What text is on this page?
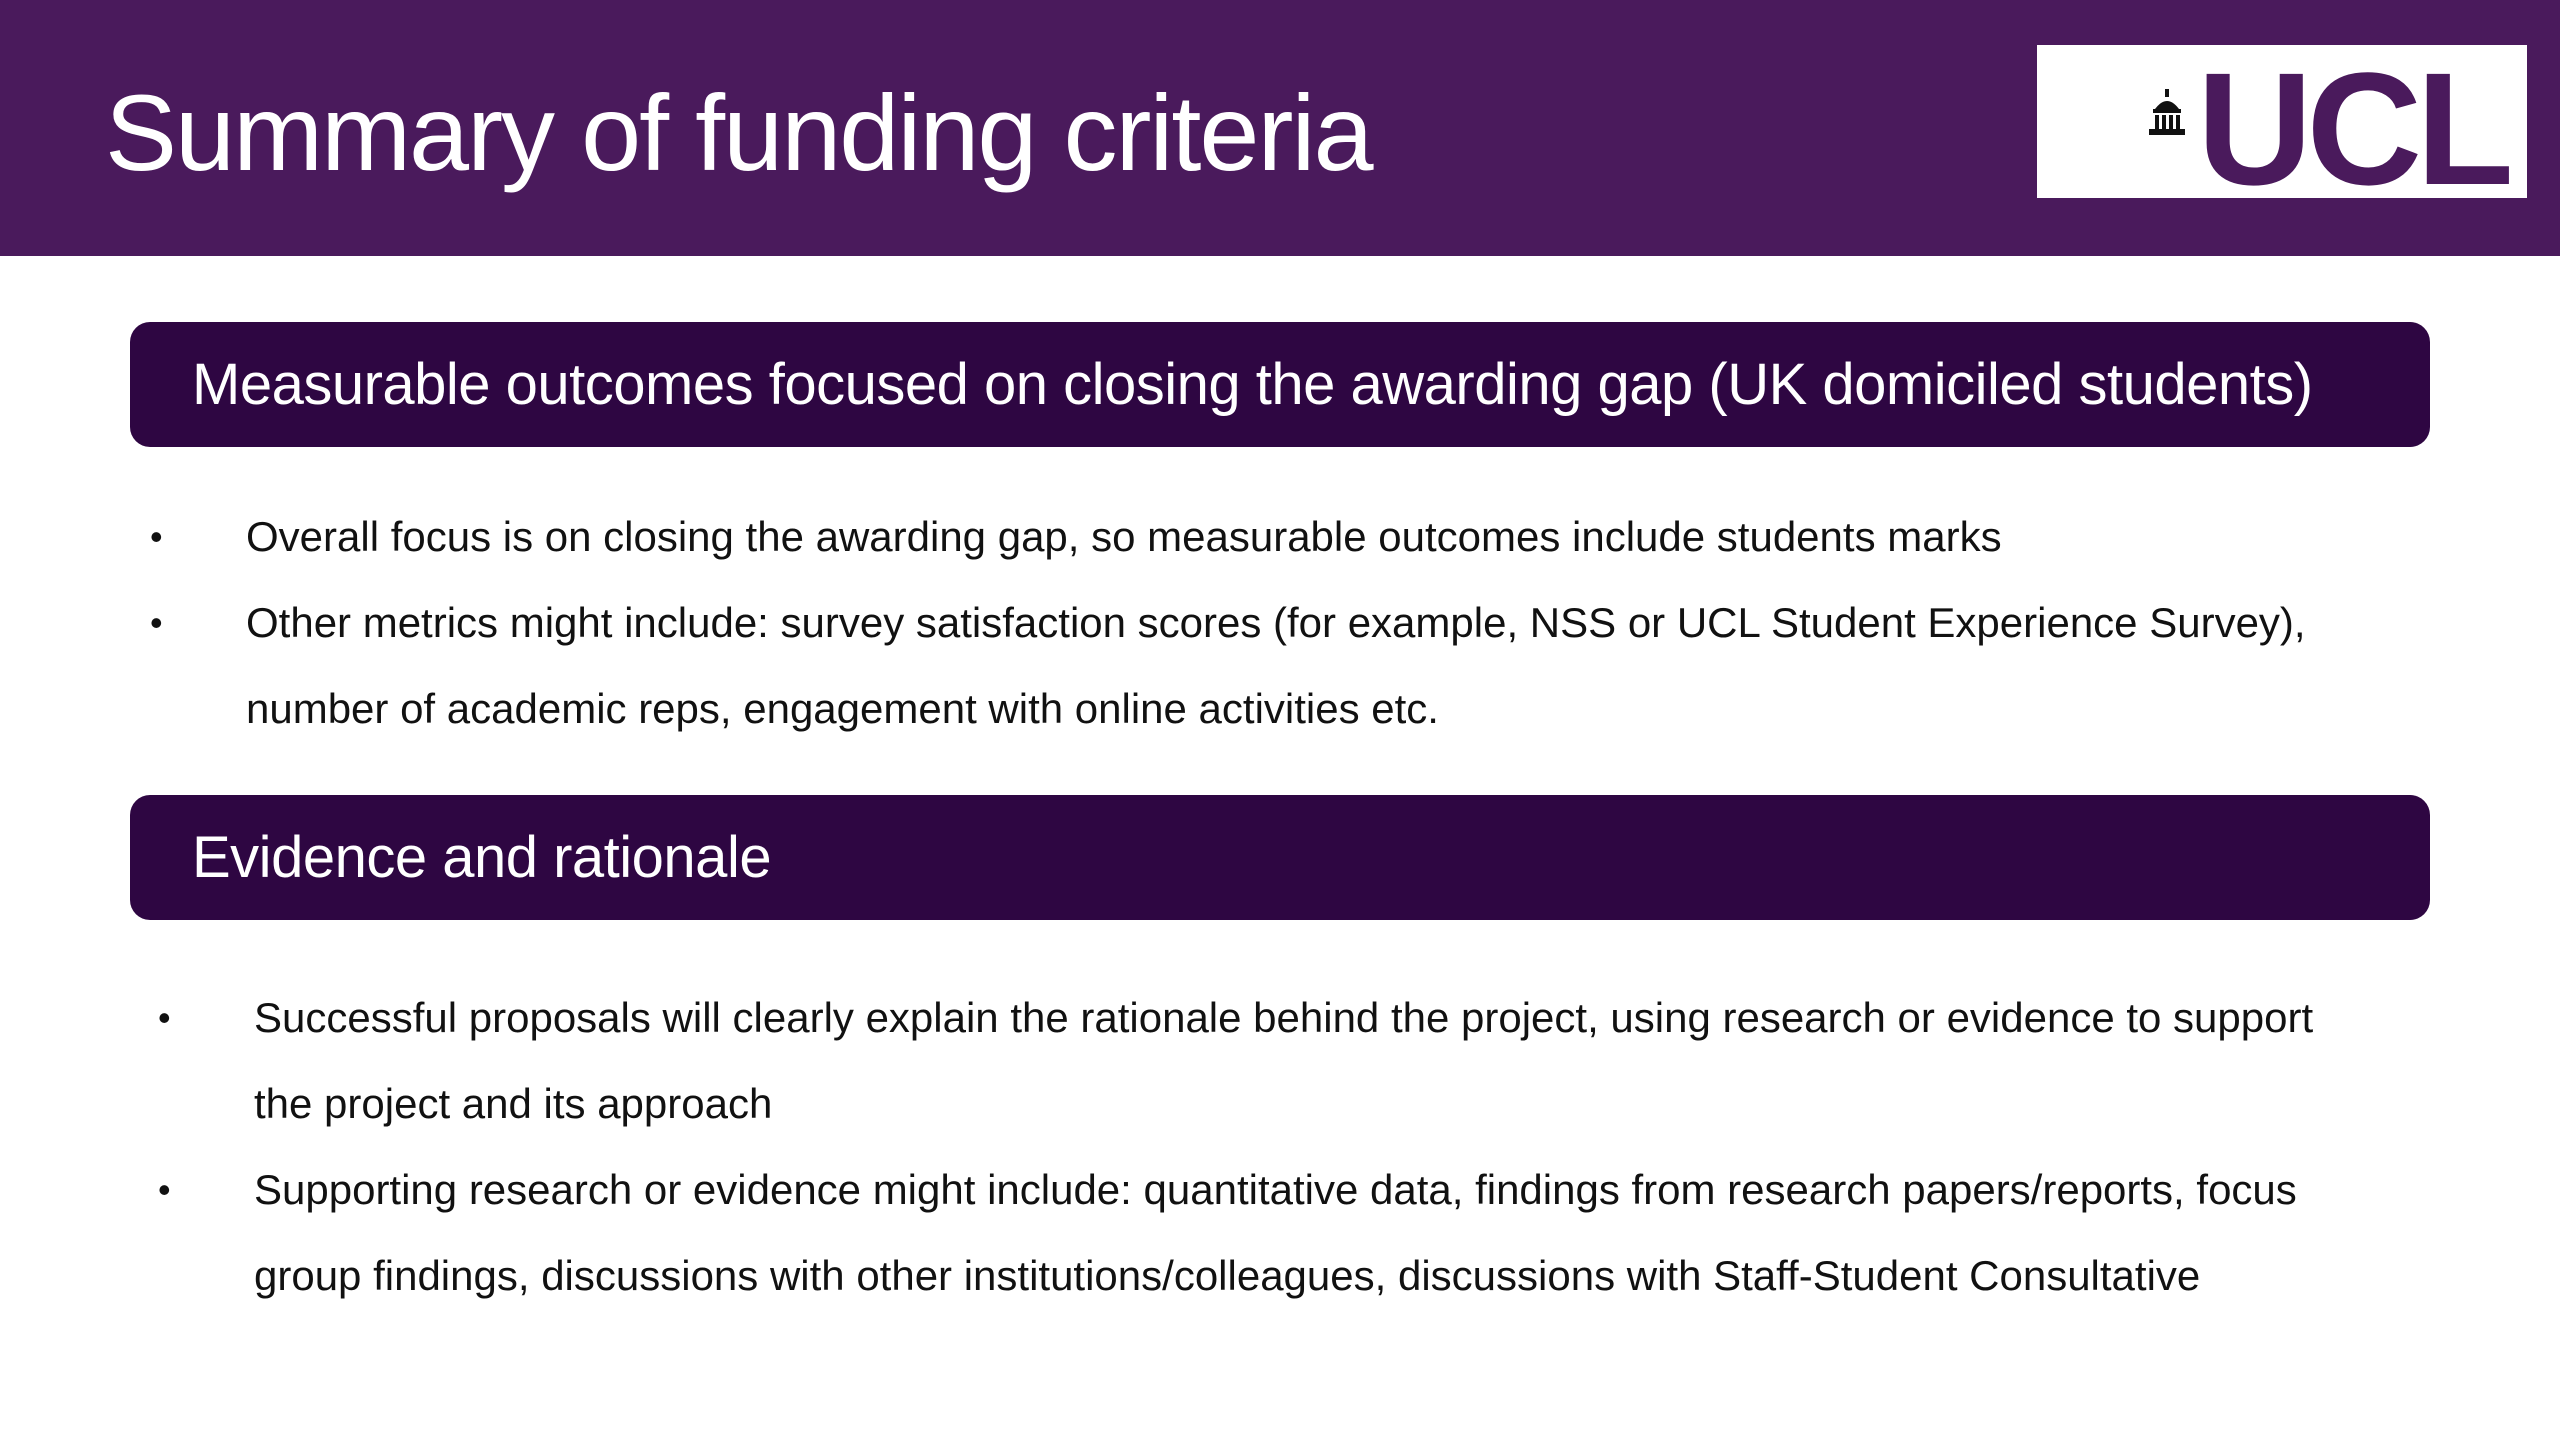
Summary of funding criteria	UCL
Measurable outcomes focused on closing the awarding gap (UK domiciled students)
• Overall focus is on closing the awarding gap, so measurable outcomes include students marks
• Other metrics might include: survey satisfaction scores (for example, NSS or UCL Student Experience Survey), number of academic reps, engagement with online activities etc.
Evidence and rationale
• Successful proposals will clearly explain the rationale behind the project, using research or evidence to support the project and its approach
• Supporting research or evidence might include: quantitative data, findings from research papers/reports, focus group findings, discussions with other institutions/colleagues, discussions with Staff-Student Consultative
